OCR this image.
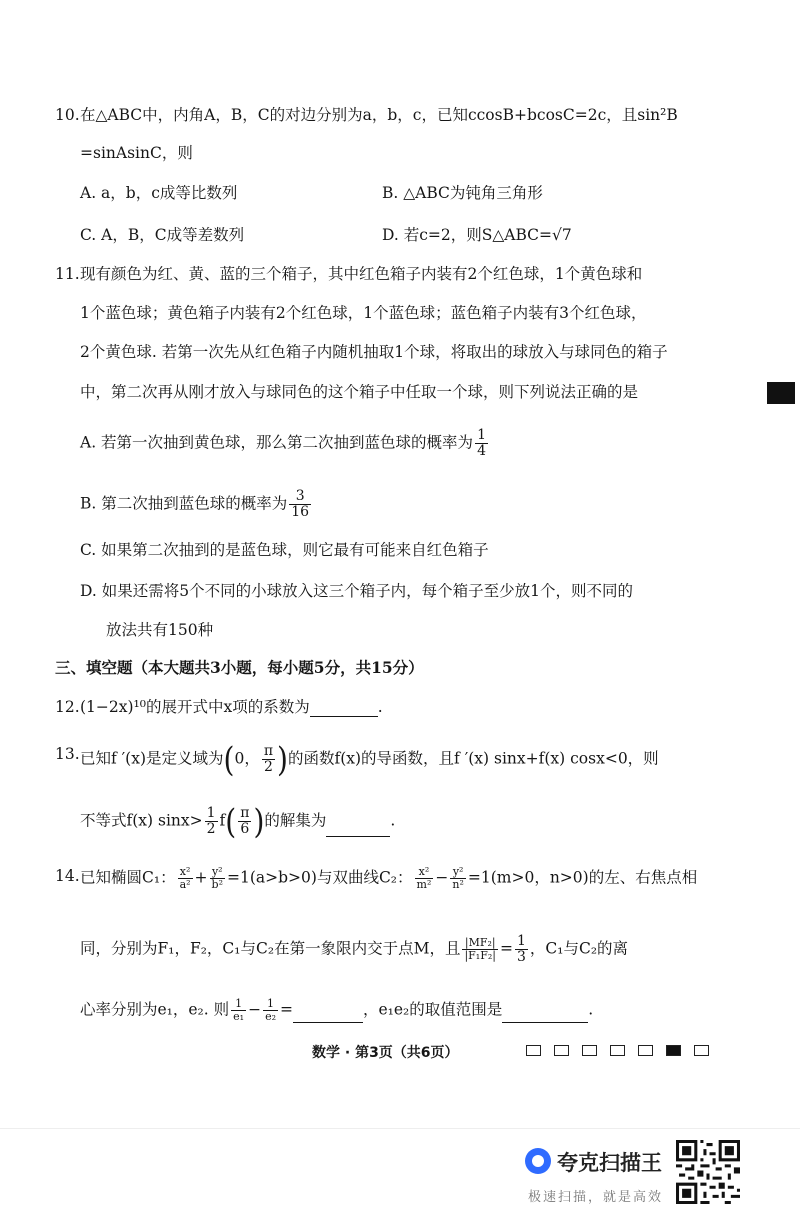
10. 在△ABC中，内角A，B，C的对边分别为a，b，c，已知ccosB+bcosC=2c，且sin²B
=sinAsinC，则
A. a，b，c成等比数列	B. △ABC为钝角三角形
C. A，B，C成等差数列	D. 若c=2，则S△ABC=√7
11. 现有颜色为红、黄、蓝的三个箱子，其中红色箱子内装有2个红色球，1个黄色球和
1个蓝色球；黄色箱子内装有2个红色球，1个蓝色球；蓝色箱子内装有3个红色球，
2个黄色球. 若第一次先从红色箱子内随机抽取1个球，将取出的球放入与球同色的箱子
中，第二次再从刚才放入与球同色的这个箱子中任取一个球，则下列说法正确的是
A. 若第一次抽到黄色球，那么第二次抽到蓝色球的概率为 $\frac{1}{4}$
B. 第二次抽到蓝色球的概率为 $\frac{3}{16}$
C. 如果第二次抽到的是蓝色球，则它最有可能来自红色箱子
D. 如果还需将5个不同的小球放入这三个箱子内，每个箱子至少放1个，则不同的
放法共有150种
三、填空题（本大题共3小题，每小题5分，共15分）
12. (1−2x)¹⁰的展开式中x项的系数为	.
13. 已知f ′(x)是定义域为(0， $\frac{\pi}{2}$ )的函数f(x)的导函数，且f ′(x) sinx+f(x) cosx<0，则
不等式f(x) $\sin x> \frac{1}{2} f( \frac{\pi}{6}$ )的解集为	.
14. 已知椭圆C₁： $\frac{\text{x²}}{\text{a²}} + \frac{\text{y²}}{\text{b²}} =1(a>b>0)$与双曲线C₂： $\frac{\text{x²}}{\text{m²}} - \frac{\text{y²}}{\text{n²}} =1(m>0$，n>0)的左、右焦点相
同，分别为F₁，F₂，C₁与C₂在第一象限内交于点M，且 $\frac{\text{|MF₂|}}{\text{|F₁F₂|}} = \frac{1}{3}$ ，C₁与C₂的离
心率分别为e₁，e₂. 则 $\frac{1}{\text{e₁}} - \frac{1}{\text{e₂}}$ =	，e₁e₂的取值范围是	.
数学 · 第3页（共6页）
夸克扫描王
极速扫描，就是高效
